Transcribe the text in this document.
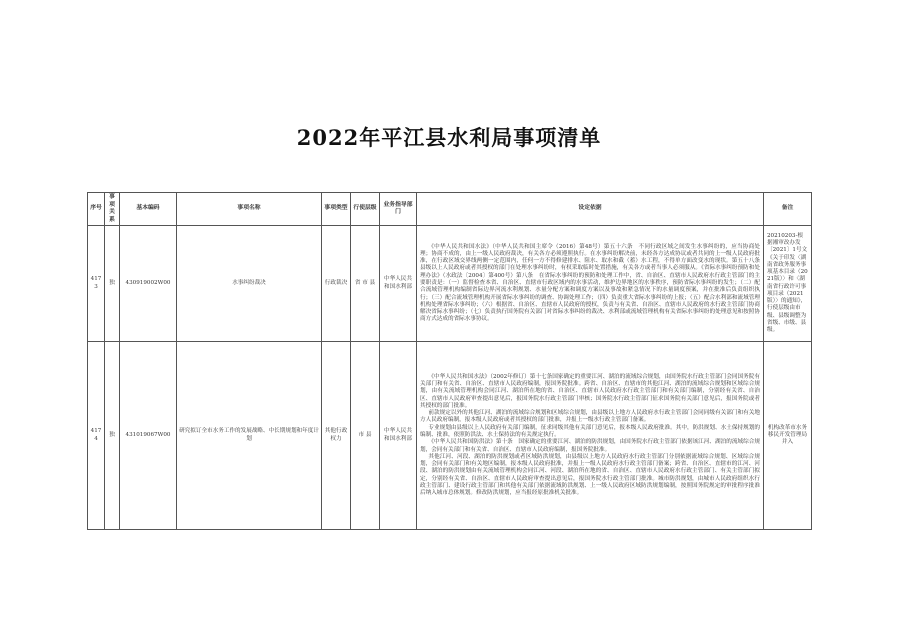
2022年平江县水利局事项清单
序号	事项关系	基本编码	事项名称	事项类型	行使层级	业务指导部门	设定依据	备注
4173	独	430919002W00	水事纠纷裁决	行政裁决	省 市 县	中华人民共和国水利部	《中华人民共和国水法》（中华人民共和国主席令（2016）第48号）第五十六条　不同行政区域之间发生水事纠纷的，应当协商处理；协商不成的，由上一级人民政府裁决，有关各方必须遵照执行。在水事纠纷解决前，未经各方达成协议或者共同的上一级人民政府批准，在行政区域交界线两侧一定范围内，任何一方不得修建排水、阻水、取水和截（蓄）水工程，不得单方面改变水的现状。第五十八条　县级以上人民政府或者其授权的部门在处理水事纠纷时，有权采取临时处置措施，有关各方或者当事人必须服从。《省际水事纠纷预防和处理办法》（水政法〔2004〕第400号）第八条　在省际水事纠纷的预防和处理工作中，省、自治区、直辖市人民政府水行政主管部门的主要职责是：（一）监督检查本省、自治区、直辖市行政区域内的水事活动，维护边界地区的水事秩序，预防省际水事纠纷的发生；（二）配合流域管理机构编制省际边界河流水利规划、水量分配方案和调度方案以及事故和紧急情况下的水量调度预案，并在批准后负责组织执行；（三）配合流域管理机构开展省际水事纠纷的调查、协调处理工作；（四）负责重大省际水事纠纷的上报；（五）配合水利部和流域管理机构处理省际水事纠纷；（六）根据省、自治区、直辖市人民政府的授权，负责与有关省、自治区、直辖市人民政府的水行政主管部门协商解决省际水事纠纷；（七）负责执行国务院有关部门对省际水事纠纷的裁决、水利部或流域管理机构有关省际水事纠纷的处理意见和按照协商方式达成的省际水事协议。	20210203-根据湘审改办发〔2021〕1号文《关于印发〈湖南省政务服务事项基本目录（2021版）〉和〈湖南省行政许可事项目录（2021版）〉的通知》，行使层级由市级、县级调整为省级、市级、县级。
4174	独	431019067W00	研究拟订全市水务工作的发展战略、中长期规划和年度计划	其他行政权力	市 县	中华人民共和国水利部	《中华人民共和国水法》（2002年修订）第十七条国家确定的重要江河、湖泊的流域综合规划，由国务院水行政主管部门会同国务院有关部门和有关省、自治区、直辖市人民政府编制，报国务院批准。跨省、自治区、直辖市的其他江河、湖泊的流域综合规划和区域综合规划，由有关流域管理机构会同江河、湖泊所在地的省、自治区、直辖市人民政府水行政主管部门和有关部门编制，分别经有关省、自治区、直辖市人民政府审查提出意见后，报国务院水行政主管部门审核；国务院水行政主管部门征求国务院有关部门意见后，报国务院或者其授权的部门批准。

前款规定以外的其他江河、湖泊的流域综合规划和区域综合规划，由县级以上地方人民政府水行政主管部门会同同级有关部门和有关地方人民政府编制，报本级人民政府或者其授权的部门批准，并报上一级水行政主管部门备案。

专业规划由县级以上人民政府有关部门编制，征求同级其他有关部门意见后，报本级人民政府批准。其中，防洪规划、水土保持规划的编制、批准，依照防洪法、水土保持法的有关规定执行。

《中华人民共和国防洪法》第十条　国家确定的重要江河、湖泊的防洪规划，由国务院水行政主管部门依据该江河、湖泊的流域综合规划，会同有关部门和有关省、自治区、直辖市人民政府编制，报国务院批准。

其他江河、河段、湖泊的防洪规划或者区域防洪规划，由县级以上地方人民政府水行政主管部门分别依据流域综合规划、区域综合规划，会同有关部门和有关地区编制，报本级人民政府批准，并报上一级人民政府水行政主管部门备案；跨省、自治区、直辖市的江河、河段、湖泊的防洪规划由有关流域管理机构会同江河、河段、湖泊所在地的省、自治区、直辖市人民政府水行政主管部门、有关主管部门拟定，分别经有关省、自治区、直辖市人民政府审查提出意见后，报国务院水行政主管部门批准。城市防洪规划，由城市人民政府组织水行政主管部门、建设行政主管部门和其他有关部门依据流域防洪规划、上一级人民政府区域防洪规划编制，按照国务院规定的审批程序批准后纳入城市总体规划。修改防洪规划，应当报经原批准机关批准。	机构改革市水务移民开发管理局并入
